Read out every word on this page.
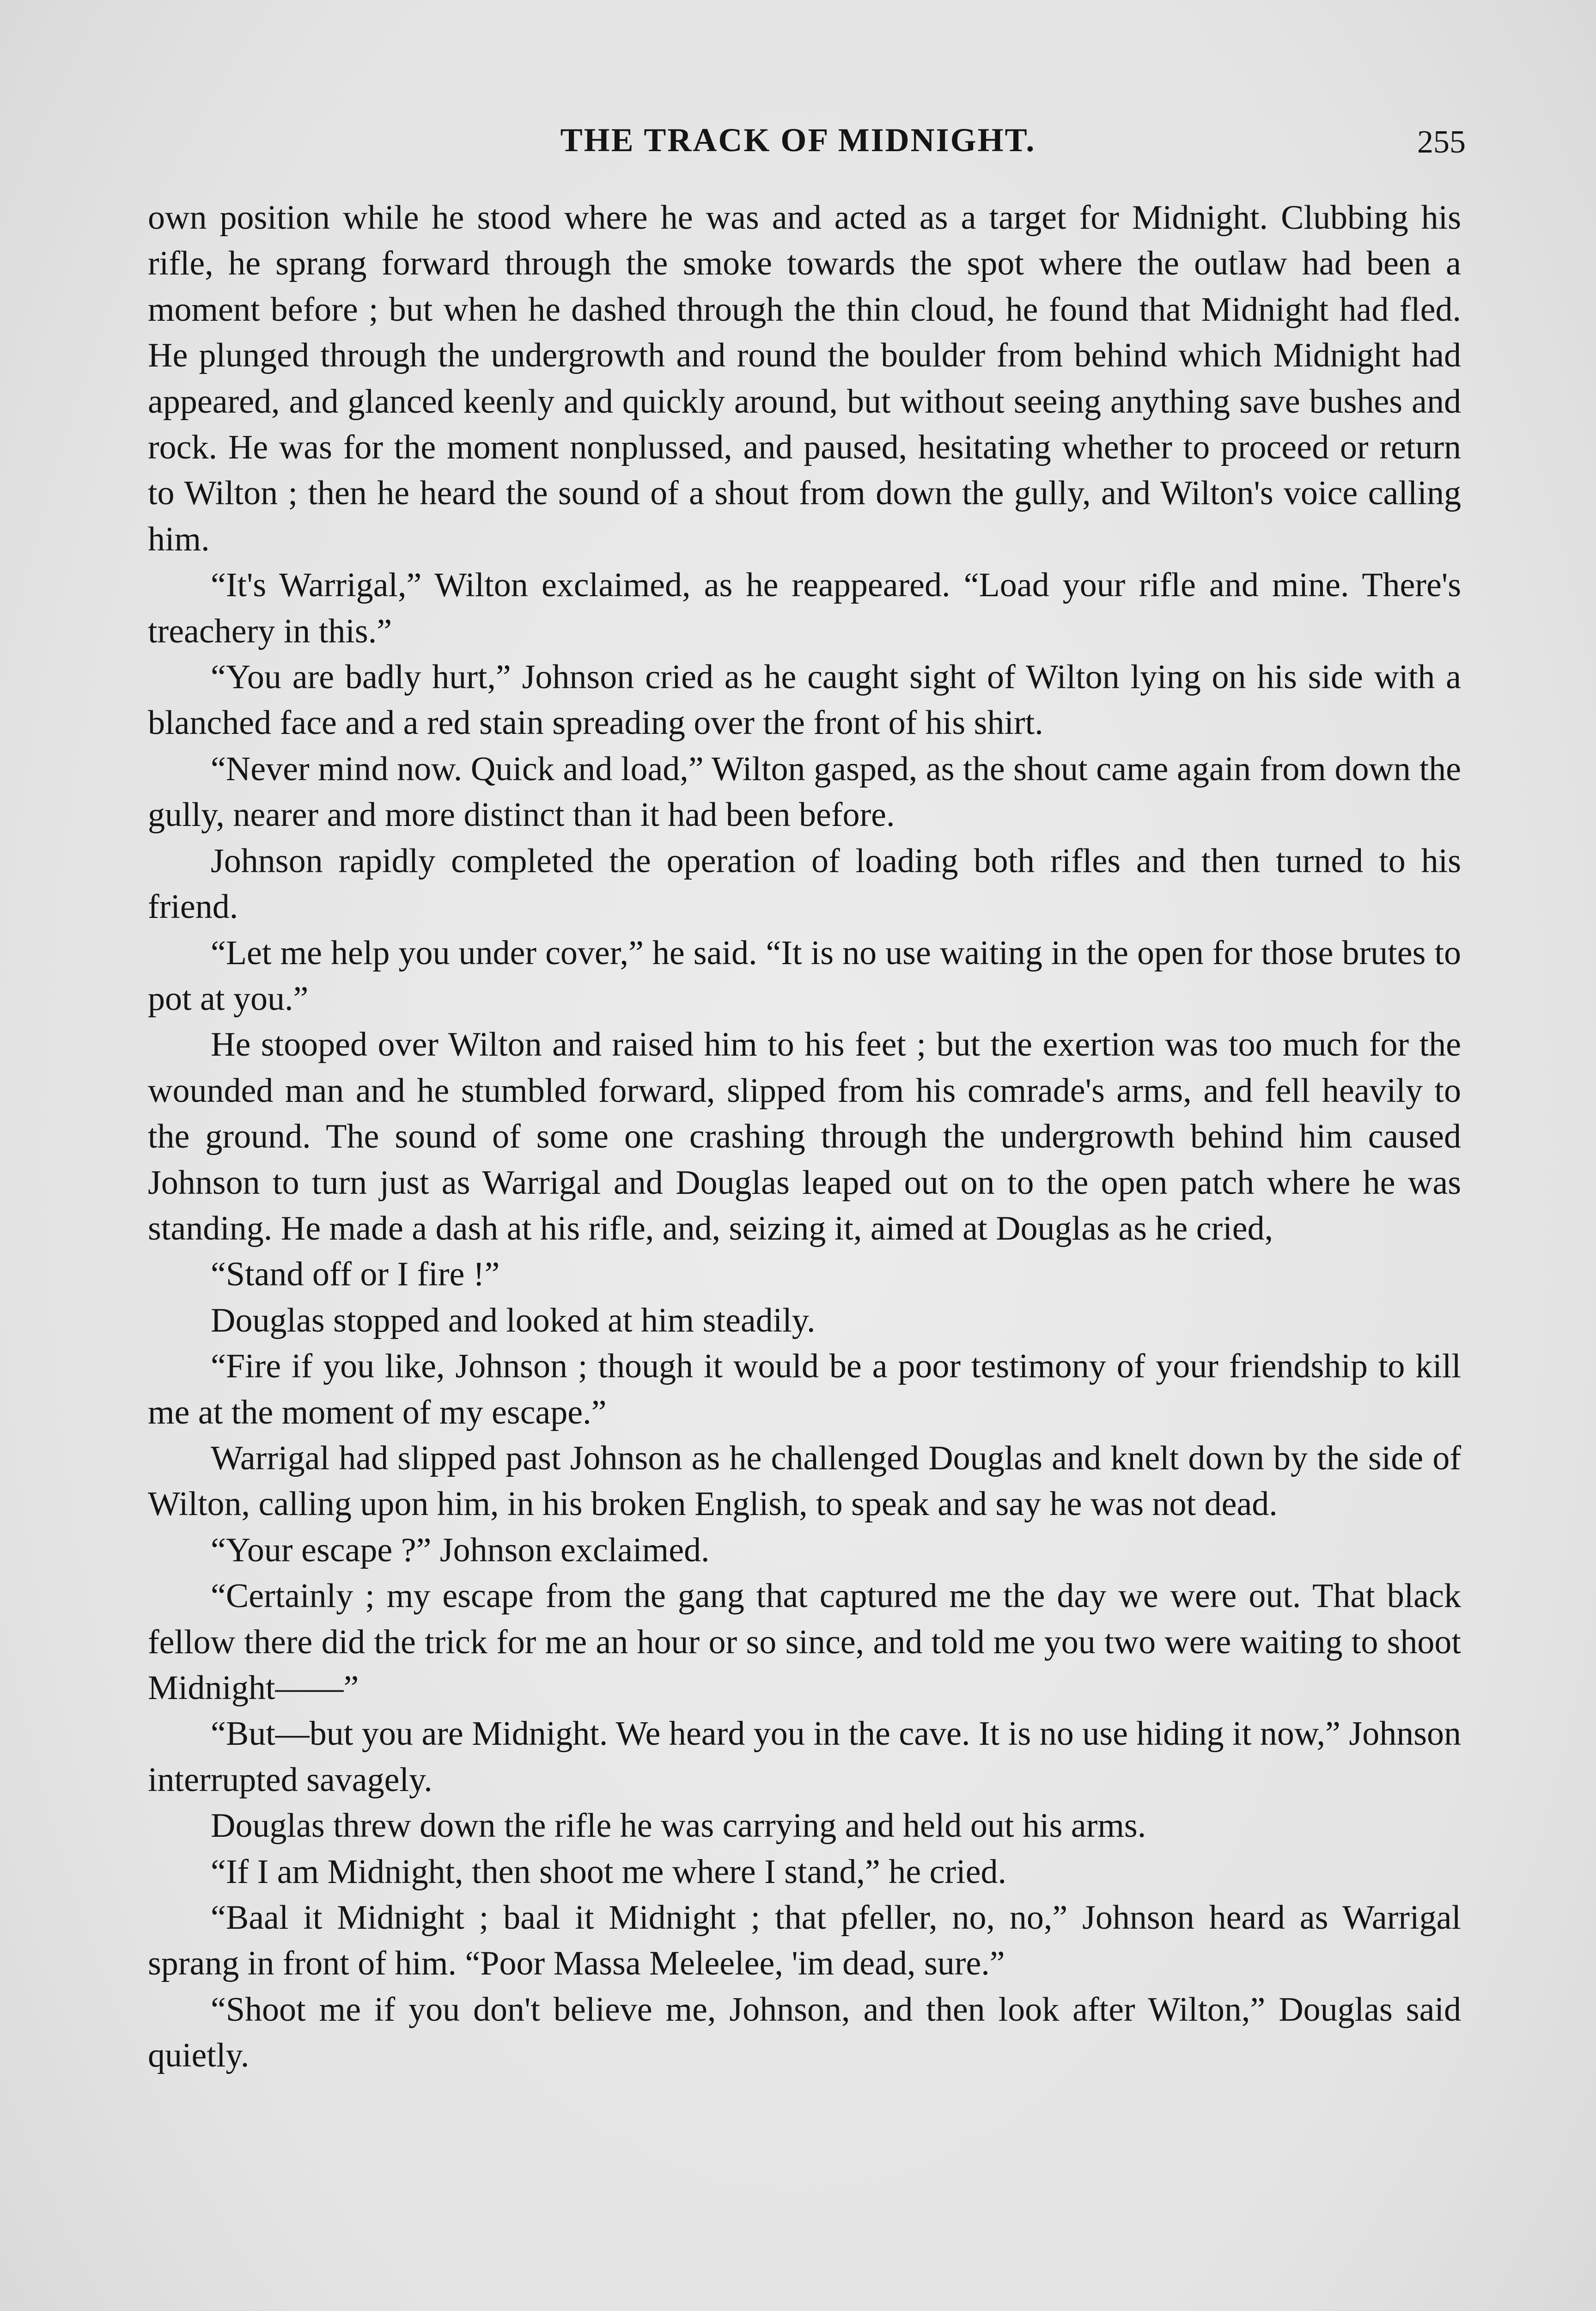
THE TRACK OF MIDNIGHT.	255

own position while he stood where he was and acted as a target for Midnight. Clubbing his rifle, he sprang forward through the smoke towards the spot where the outlaw had been a moment before ; but when he dashed through the thin cloud, he found that Midnight had fled. He plunged through the undergrowth and round the boulder from behind which Midnight had appeared, and glanced keenly and quickly around, but without seeing anything save bushes and rock. He was for the moment nonplussed, and paused, hesitating whether to proceed or return to Wilton ; then he heard the sound of a shout from down the gully, and Wilton's voice calling him.

“It's Warrigal,” Wilton exclaimed, as he reappeared. “Load your rifle and mine. There's treachery in this.”

“You are badly hurt,” Johnson cried as he caught sight of Wilton lying on his side with a blanched face and a red stain spreading over the front of his shirt.

“Never mind now. Quick and load,” Wilton gasped, as the shout came again from down the gully, nearer and more distinct than it had been before.

Johnson rapidly completed the operation of loading both rifles and then turned to his friend.

“Let me help you under cover,” he said. “It is no use waiting in the open for those brutes to pot at you.”

He stooped over Wilton and raised him to his feet ; but the exertion was too much for the wounded man and he stumbled forward, slipped from his comrade's arms, and fell heavily to the ground. The sound of some one crashing through the undergrowth behind him caused Johnson to turn just as Warrigal and Douglas leaped out on to the open patch where he was standing. He made a dash at his rifle, and, seizing it, aimed at Douglas as he cried,

“Stand off or I fire !”

Douglas stopped and looked at him steadily.

“Fire if you like, Johnson ; though it would be a poor testimony of your friendship to kill me at the moment of my escape.”

Warrigal had slipped past Johnson as he challenged Douglas and knelt down by the side of Wilton, calling upon him, in his broken English, to speak and say he was not dead.

“Your escape ?” Johnson exclaimed.

“Certainly ; my escape from the gang that captured me the day we were out. That black fellow there did the trick for me an hour or so since, and told me you two were waiting to shoot Midnight——”

“But—but you are Midnight. We heard you in the cave. It is no use hiding it now,” Johnson interrupted savagely.

Douglas threw down the rifle he was carrying and held out his arms.

“If I am Midnight, then shoot me where I stand,” he cried.

“Baal it Midnight ; baal it Midnight ; that pfeller, no, no,” Johnson heard as Warrigal sprang in front of him. “Poor Massa Meleelee, 'im dead, sure.”

“Shoot me if you don't believe me, Johnson, and then look after Wilton,” Douglas said quietly.
